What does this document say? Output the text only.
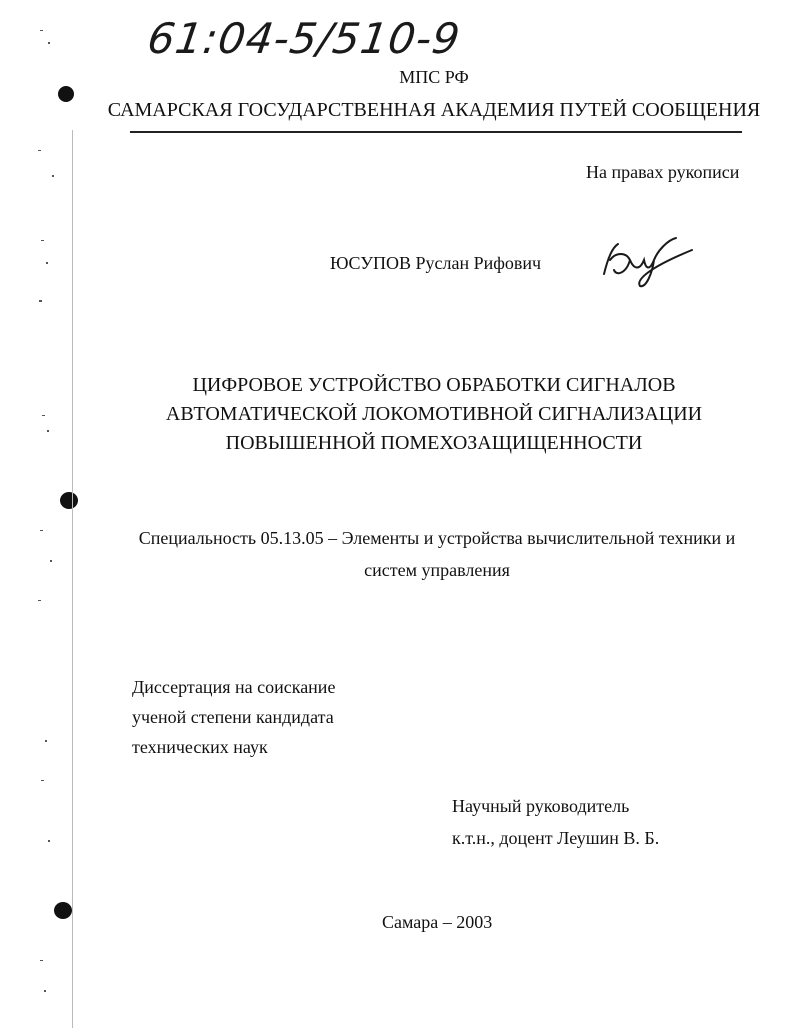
61:04-5/510-9
МПС РФ
САМАРСКАЯ ГОСУДАРСТВЕННАЯ АКАДЕМИЯ ПУТЕЙ СООБЩЕНИЯ
На правах рукописи
ЮСУПОВ Руслан Рифович
ЦИФРОВОЕ УСТРОЙСТВО ОБРАБОТКИ СИГНАЛОВ
АВТОМАТИЧЕСКОЙ ЛОКОМОТИВНОЙ СИГНАЛИЗАЦИИ
ПОВЫШЕННОЙ ПОМЕХОЗАЩИЩЕННОСТИ
Специальность 05.13.05 – Элементы и устройства вычислительной техники и
систем управления
Диссертация на соискание
ученой степени кандидата
технических наук
Научный руководитель
к.т.н., доцент Леушин В. Б.
Самара – 2003
